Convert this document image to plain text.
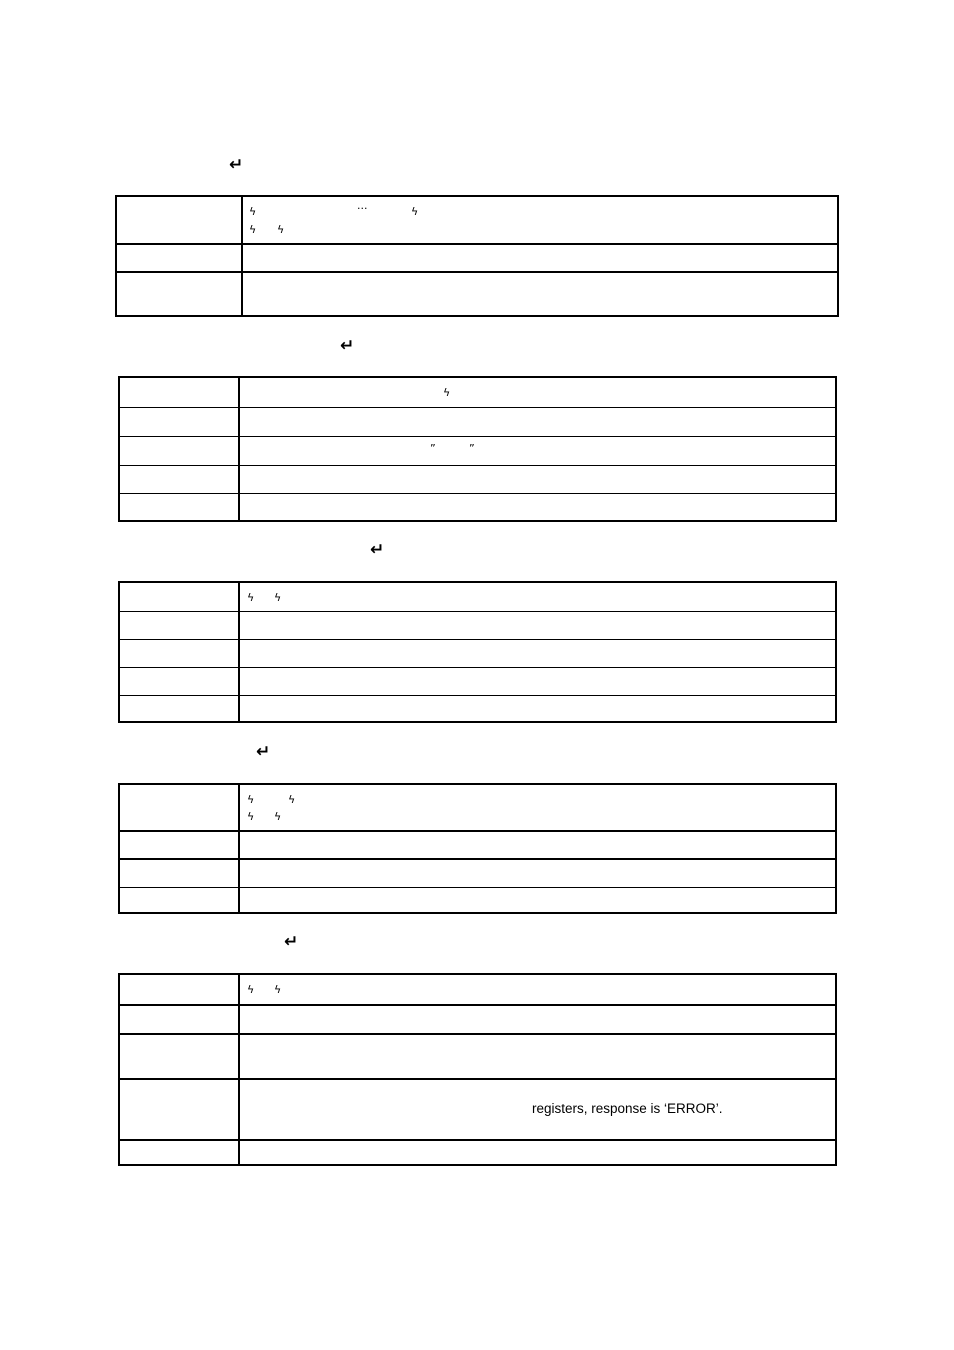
↵
ϟ	···	ϟ
ϟ ϟ
↵
ϟ
”	”
↵
ϟ ϟ
↵
ϟ	ϟ
ϟ ϟ
↵
ϟ ϟ
registers, response is ‘ERROR’.
